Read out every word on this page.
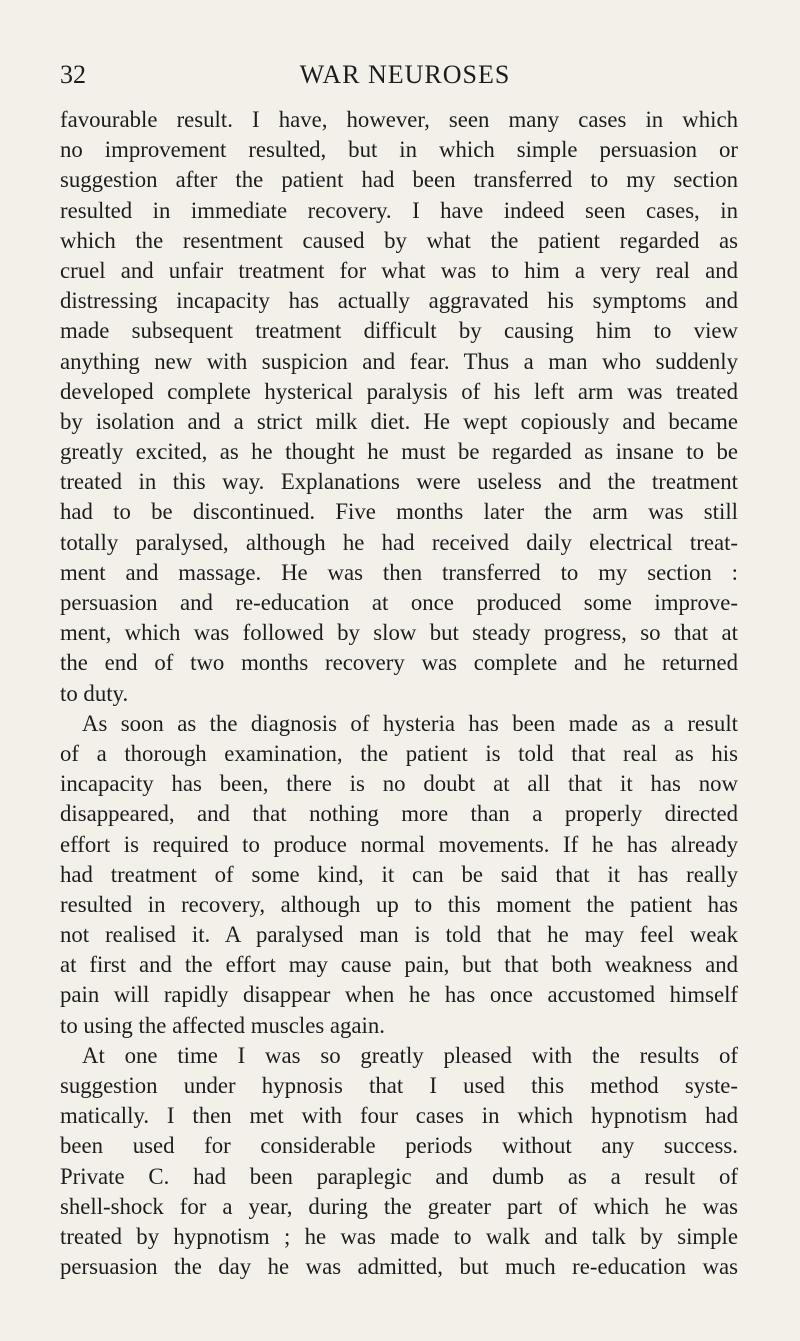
32	WAR NEUROSES
favourable result. I have, however, seen many cases in which
no improvement resulted, but in which simple persuasion or
suggestion after the patient had been transferred to my section
resulted in immediate recovery. I have indeed seen cases, in
which the resentment caused by what the patient regarded as
cruel and unfair treatment for what was to him a very real and
distressing incapacity has actually aggravated his symptoms and
made subsequent treatment difficult by causing him to view
anything new with suspicion and fear. Thus a man who suddenly
developed complete hysterical paralysis of his left arm was treated
by isolation and a strict milk diet. He wept copiously and became
greatly excited, as he thought he must be regarded as insane to be
treated in this way. Explanations were useless and the treatment
had to be discontinued. Five months later the arm was still
totally paralysed, although he had received daily electrical treat-
ment and massage. He was then transferred to my section :
persuasion and re-education at once produced some improve-
ment, which was followed by slow but steady progress, so that at
the end of two months recovery was complete and he returned
to duty.
As soon as the diagnosis of hysteria has been made as a result
of a thorough examination, the patient is told that real as his
incapacity has been, there is no doubt at all that it has now
disappeared, and that nothing more than a properly directed
effort is required to produce normal movements. If he has already
had treatment of some kind, it can be said that it has really
resulted in recovery, although up to this moment the patient has
not realised it. A paralysed man is told that he may feel weak
at first and the effort may cause pain, but that both weakness and
pain will rapidly disappear when he has once accustomed himself
to using the affected muscles again.
At one time I was so greatly pleased with the results of
suggestion under hypnosis that I used this method syste-
matically. I then met with four cases in which hypnotism had
been used for considerable periods without any success.
Private C. had been paraplegic and dumb as a result of
shell-shock for a year, during the greater part of which he was
treated by hypnotism ; he was made to walk and talk by simple
persuasion the day he was admitted, but much re-education was
